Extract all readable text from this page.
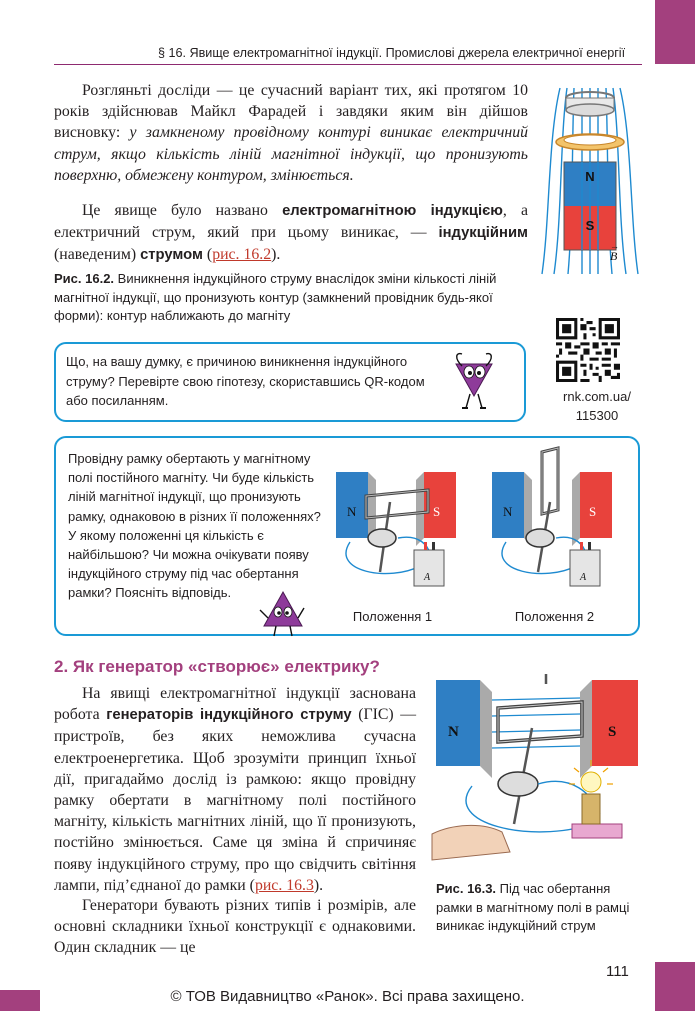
§ 16. Явище електромагнітної індукції. Промислові джерела електричної енергії

Розгляньті досліди — це сучасний варіант тих, які протягом 10 років здійснював Майкл Фарадей і завдяки яким він дійшов висновку: у замкненому провідному контурі виникає електричний струм, якщо кількість ліній магнітної індукції, що пронизують поверхню, обмежену контуром, змінюється.

Це явище було названо електромагнітною індукцією, а електричний струм, який при цьому виникає, — індукційним (наведеним) струмом (рис. 16.2).

N
S
B
→

Рис. 16.2. Виникнення індукційного струму внаслідок зміни кількості ліній магнітної індукції, що пронизують контур (замкнений провідник будь-якої форми): контур наближають до магніту

rnk.com.ua/
115300

Що, на вашу думку, є причиною виникнення індукційного струму? Перевірте свою гіпотезу, скориставшись QR-кодом або посиланням.

Провідну рамку обертають у магнітному полі постійного магніту. Чи буде кількість ліній магнітної індукції, що пронизують рамку, однаковою в різних її положеннях? У якому положенні ця кількість є найбільшою? Чи можна очікувати появу індукційного струму під час обертання рамки? Поясніть відповідь.

N	S
A
N	S
A
Положення 1	Положення 2
2. Як генератор «створює» електрику?

На явищі електромагнітної індукції заснована робота генераторів індукційного струму (ГІС) — пристроїв, без яких неможлива сучасна електроенергетика. Щоб зрозуміти принцип їхньої дії, пригадаймо дослід із рамкою: якщо провідну рамку обертати в магнітному полі постійного магніту, кількість магнітних ліній, що її пронизують, постійно змінюється. Саме ця зміна й спричиняє появу індукційного струму, про що свідчить світіння лампи, під’єднаної до рамки (рис. 16.3).

Генератори бувають різних типів і розмірів, але основні складники їхньої конструкції є однаковими. Один складник — це

N	S

Рис. 16.3. Під час обертання рамки в магнітному полі в рамці виникає індукційний струм

111
© ТОВ Видавництво «Ранок». Всі права захищено.
